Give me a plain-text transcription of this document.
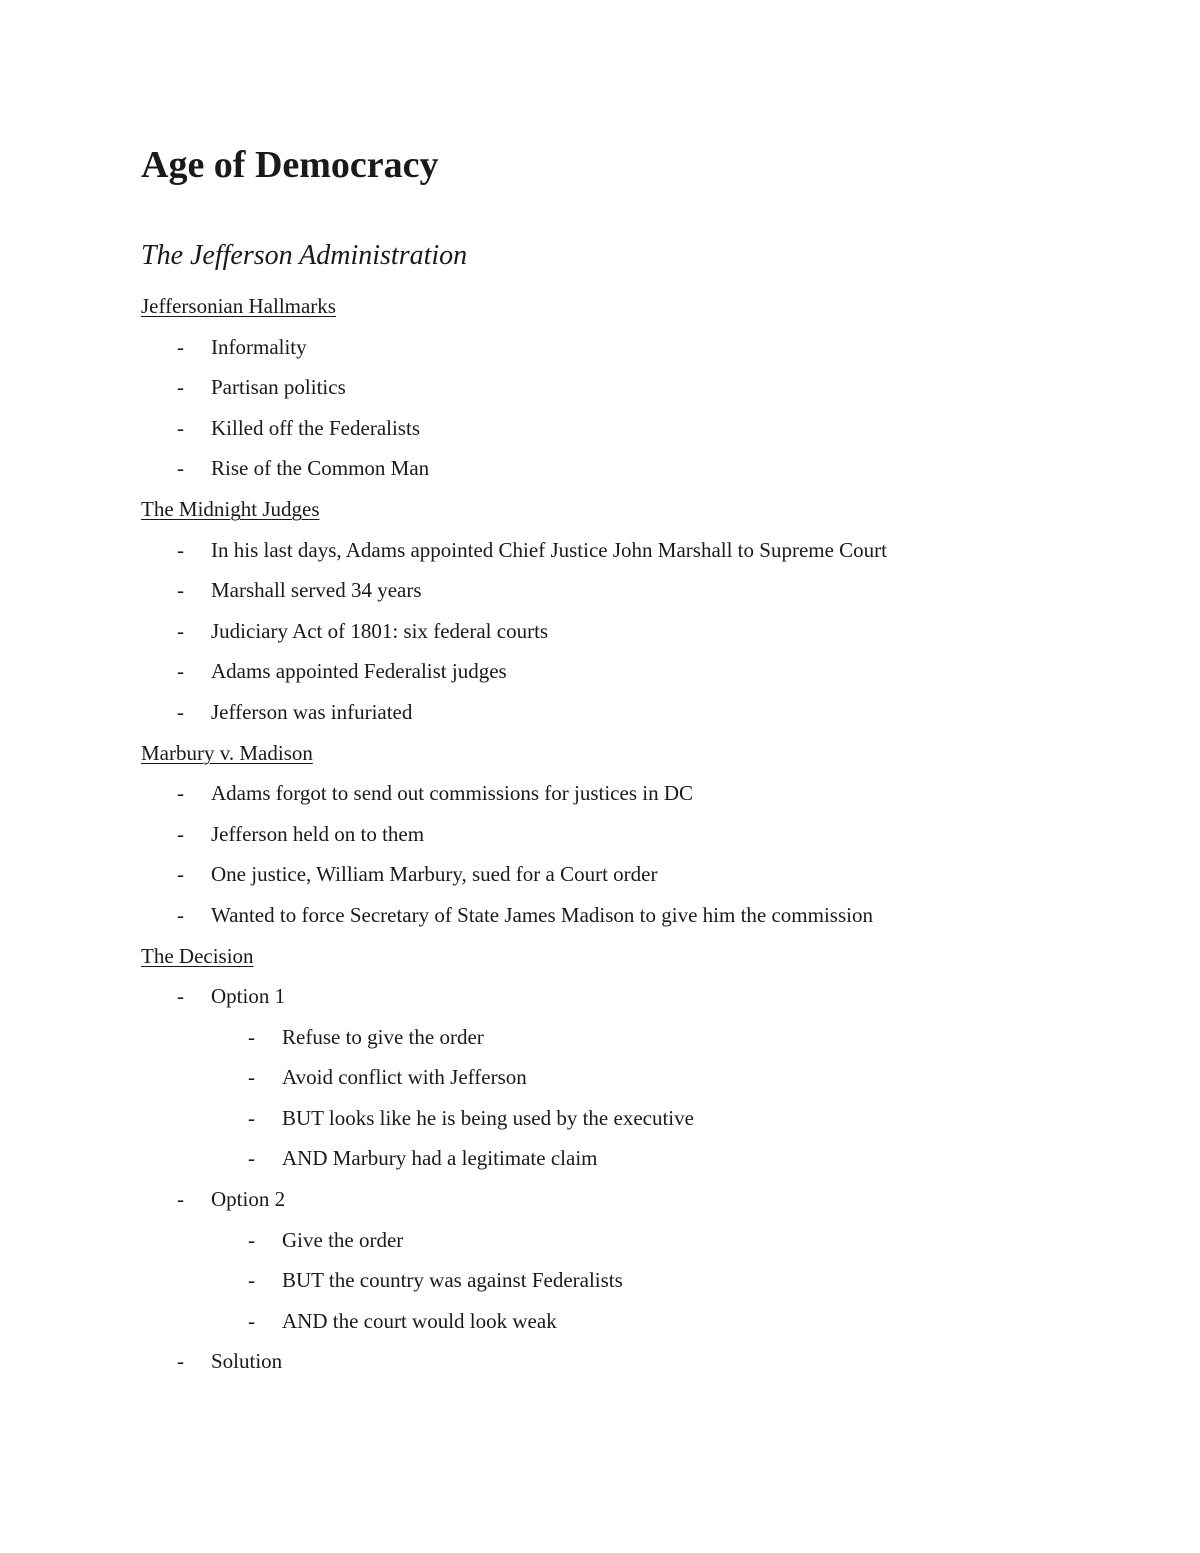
Age of Democracy
The Jefferson Administration
Jeffersonian Hallmarks
- Informality
- Partisan politics
- Killed off the Federalists
- Rise of the Common Man
The Midnight Judges
- In his last days, Adams appointed Chief Justice John Marshall to Supreme Court
- Marshall served 34 years
- Judiciary Act of 1801: six federal courts
- Adams appointed Federalist judges
- Jefferson was infuriated
Marbury v. Madison
- Adams forgot to send out commissions for justices in DC
- Jefferson held on to them
- One justice, William Marbury, sued for a Court order
- Wanted to force Secretary of State James Madison to give him the commission
The Decision
- Option 1
- Refuse to give the order
- Avoid conflict with Jefferson
- BUT looks like he is being used by the executive
- AND Marbury had a legitimate claim
- Option 2
- Give the order
- BUT the country was against Federalists
- AND the court would look weak
- Solution
